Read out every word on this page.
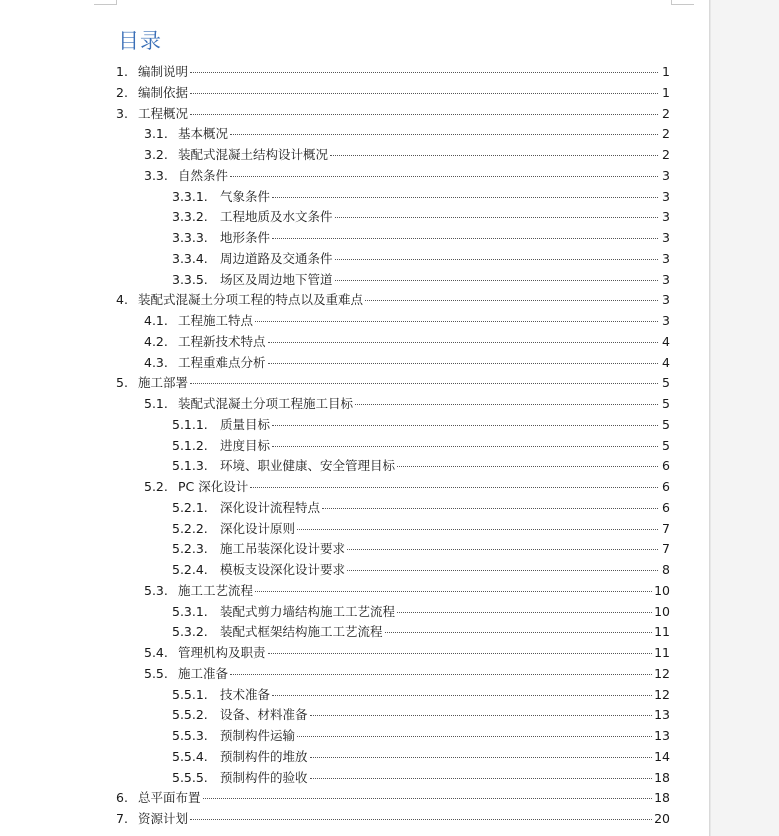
目录
1. 编制说明	1
2. 编制依据	1
3. 工程概况	2
3.1. 基本概况	2
3.2. 装配式混凝土结构设计概况	2
3.3. 自然条件	3
3.3.1. 气象条件	3
3.3.2. 工程地质及水文条件	3
3.3.3. 地形条件	3
3.3.4. 周边道路及交通条件	3
3.3.5. 场区及周边地下管道	3
4. 装配式混凝土分项工程的特点以及重难点	3
4.1. 工程施工特点	3
4.2. 工程新技术特点	4
4.3. 工程重难点分析	4
5. 施工部署	5
5.1. 装配式混凝土分项工程施工目标	5
5.1.1. 质量目标	5
5.1.2. 进度目标	5
5.1.3. 环境、职业健康、安全管理目标	6
5.2. PC 深化设计	6
5.2.1. 深化设计流程特点	6
5.2.2. 深化设计原则	7
5.2.3. 施工吊装深化设计要求	7
5.2.4. 模板支设深化设计要求	8
5.3. 施工工艺流程	10
5.3.1. 装配式剪力墙结构施工工艺流程	10
5.3.2. 装配式框架结构施工工艺流程	11
5.4. 管理机构及职责	11
5.5. 施工准备	12
5.5.1. 技术准备	12
5.5.2. 设备、材料准备	13
5.5.3. 预制构件运输	13
5.5.4. 预制构件的堆放	14
5.5.5. 预制构件的验收	18
6. 总平面布置	18
7. 资源计划	20
